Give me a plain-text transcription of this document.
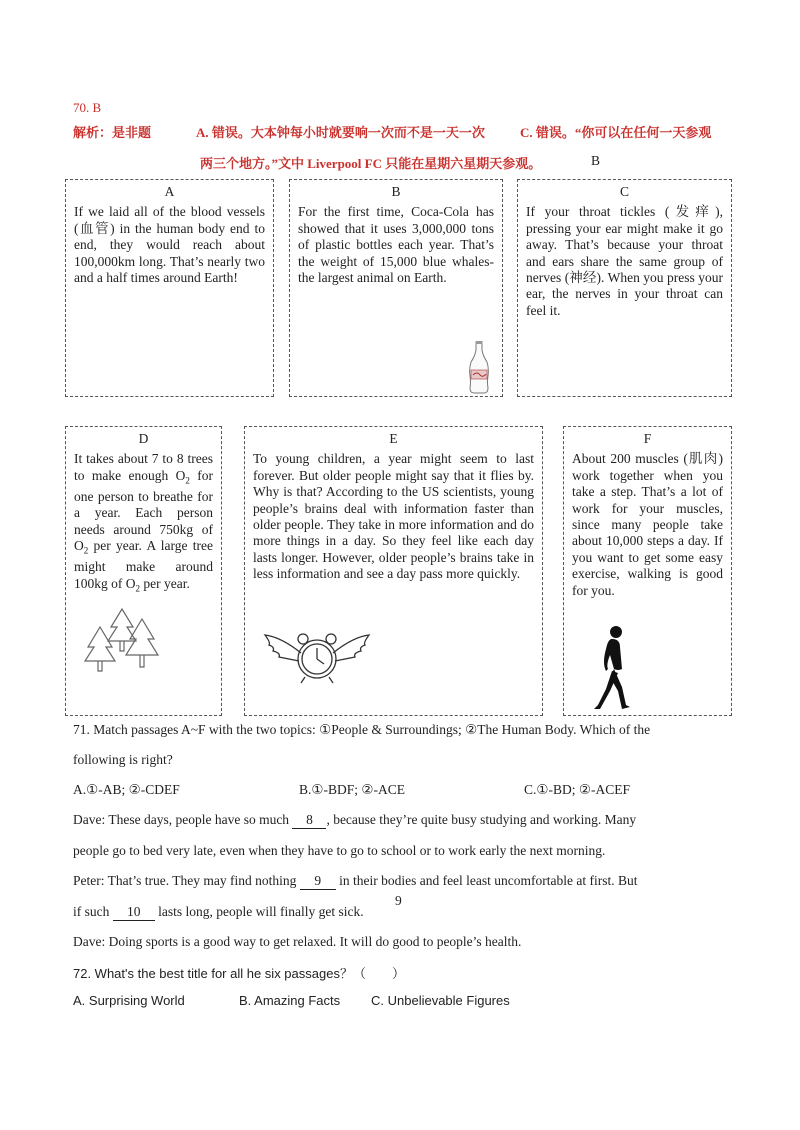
70. B
解析：是非题	A. 错误。大本钟每小时就要响一次而不是一天一次	C. 错误。“你可以在任何一天参观
两三个地方。”文中 Liverpool FC 只能在星期六星期天参观。	B
A
If we laid all of the blood vessels (血管) in the human body end to end, they would reach about 100,000km long. That’s nearly two and a half times around Earth!
B
For the first time, Coca-Cola has showed that it uses 3,000,000 tons of plastic bottles each year. That’s the weight of 15,000 blue whales-the largest animal on Earth.
C
If your throat tickles (发痒), pressing your ear might make it go away. That’s because your throat and ears share the same group of nerves (神经). When you press your ear, the nerves in your throat can feel it.
D
It takes about 7 to 8 trees to make enough $O_2$ for one person to breathe for a year. Each person needs around 750kg of $O_2$ per year. A large tree might make around 100kg of $O_2$ per year.
E
To young children, a year might seem to last forever. But older people might say that it flies by. Why is that? According to the US scientists, young people’s brains deal with information faster than older people. They take in more information and do more things in a day. So they feel like each day lasts longer. However, older people’s brains take in less information and see a day pass more quickly.
F
About 200 muscles (肌肉) work together when you take a step. That’s a lot of work for your muscles, since many people take about 10,000 steps a day. If you want to get some easy exercise, walking is good for you.
71. Match passages A~F with the two topics: ①People & Surroundings; ②The Human Body. Which of the
following is right?
A.①-AB; ②-CDEF	B.①-BDF; ②-ACE	C.①-BD; ②-ACEF
Dave: These days, people have so much 8 , because they’re quite busy studying and working. Many
people go to bed very late, even when they have to go to school or to work early the next morning.
Peter: That’s true. They may find nothing 9 in their bodies and feel least uncomfortable at first. But
if such 10 lasts long, people will finally get sick.
9
Dave: Doing sports is a good way to get relaxed. It will do good to people’s health.
72. What's the best title for all he six passages？（　　）
A. Surprising World	B. Amazing Facts C. Unbelievable Figures
